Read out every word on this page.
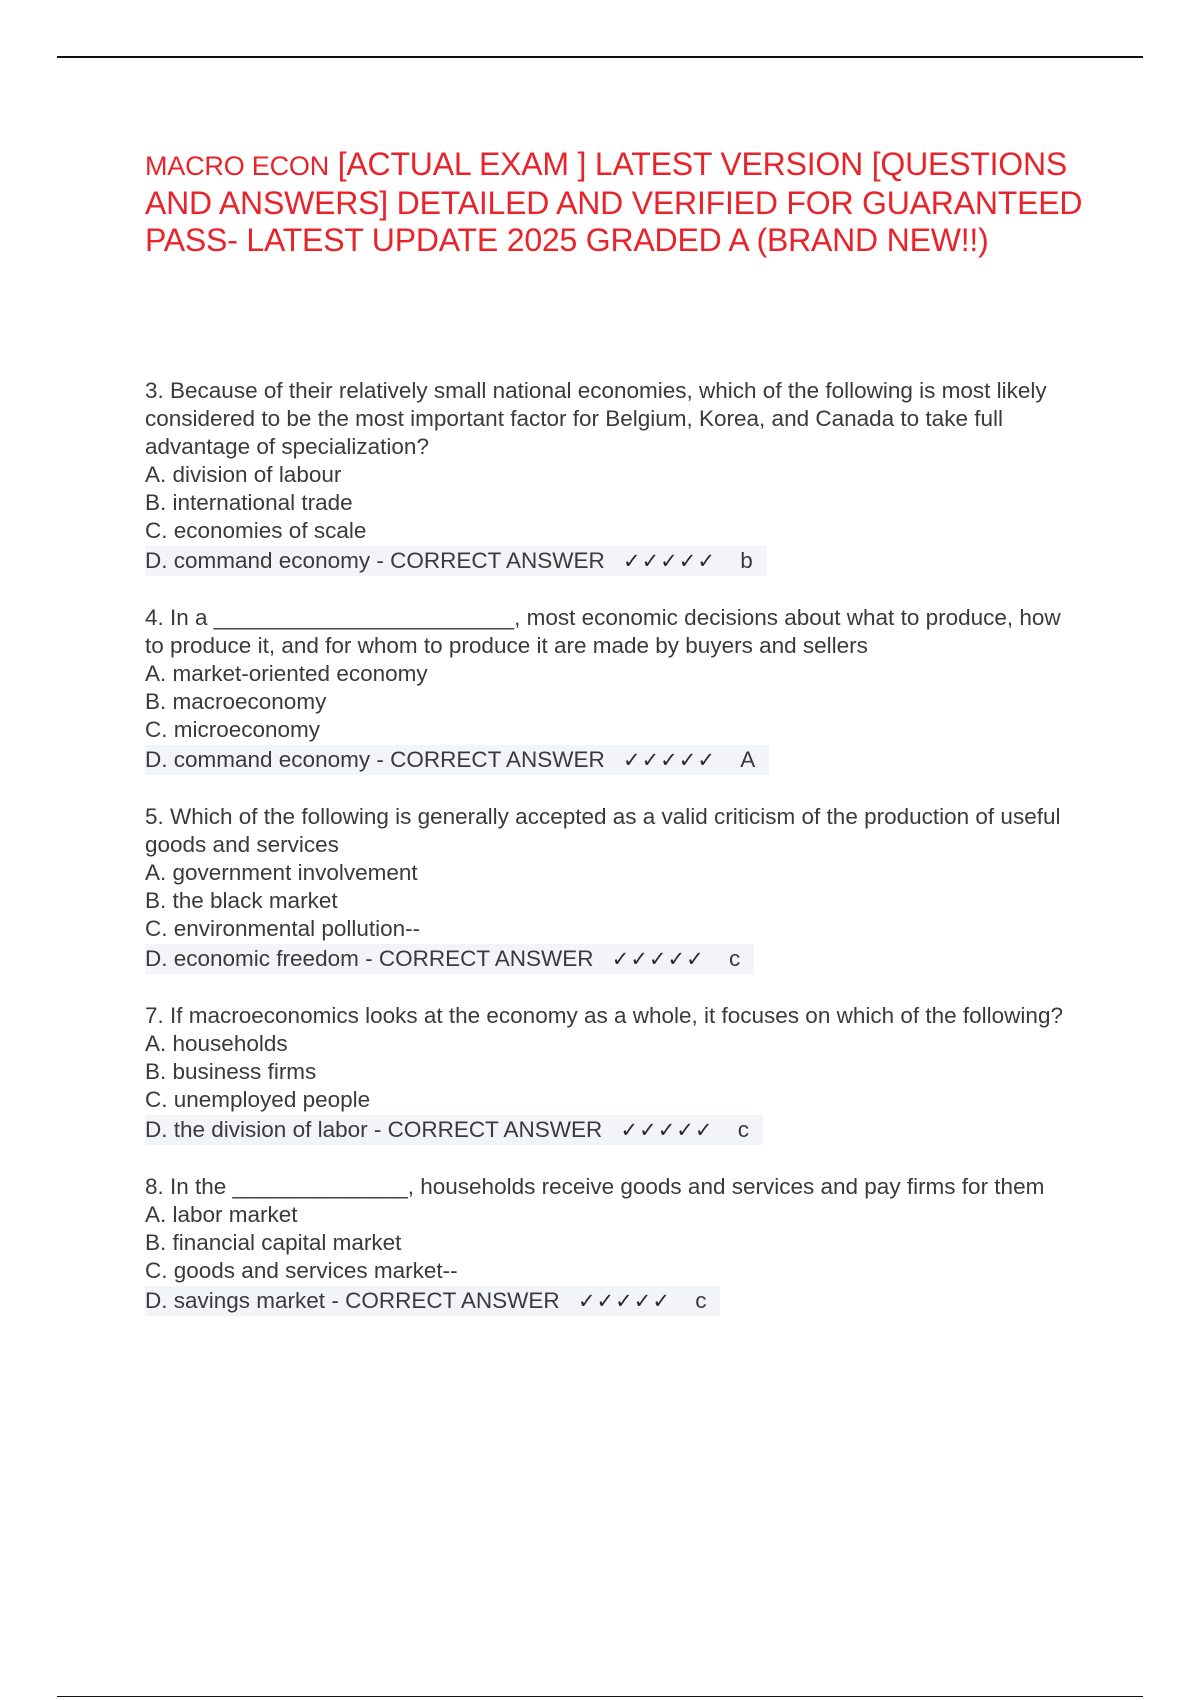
MACRO ECON [ACTUAL EXAM ] LATEST VERSION [QUESTIONS AND ANSWERS] DETAILED AND VERIFIED FOR GUARANTEED PASS- LATEST UPDATE 2025 GRADED A (BRAND NEW!!)

3. Because of their relatively small national economies, which of the following is most likely considered to be the most important factor for Belgium, Korea, and Canada to take full advantage of specialization?

A. division of labour

B. international trade

C. economies of scale

D. command economy - CORRECT ANSWER ✓✓✓✓✓ b

4. In a ________________________, most economic decisions about what to produce, how to produce it, and for whom to produce it are made by buyers and sellers

A. market-oriented economy

B. macroeconomy

C. microeconomy

D. command economy - CORRECT ANSWER ✓✓✓✓✓ A

5. Which of the following is generally accepted as a valid criticism of the production of useful goods and services

A. government involvement

B. the black market

C. environmental pollution--

D. economic freedom - CORRECT ANSWER ✓✓✓✓✓ c

7. If macroeconomics looks at the economy as a whole, it focuses on which of the following?

A. households

B. business firms

C. unemployed people

D. the division of labor - CORRECT ANSWER ✓✓✓✓✓ c

8. In the ______________, households receive goods and services and pay firms for them

A. labor market

B. financial capital market

C. goods and services market--

D. savings market - CORRECT ANSWER ✓✓✓✓✓ c
